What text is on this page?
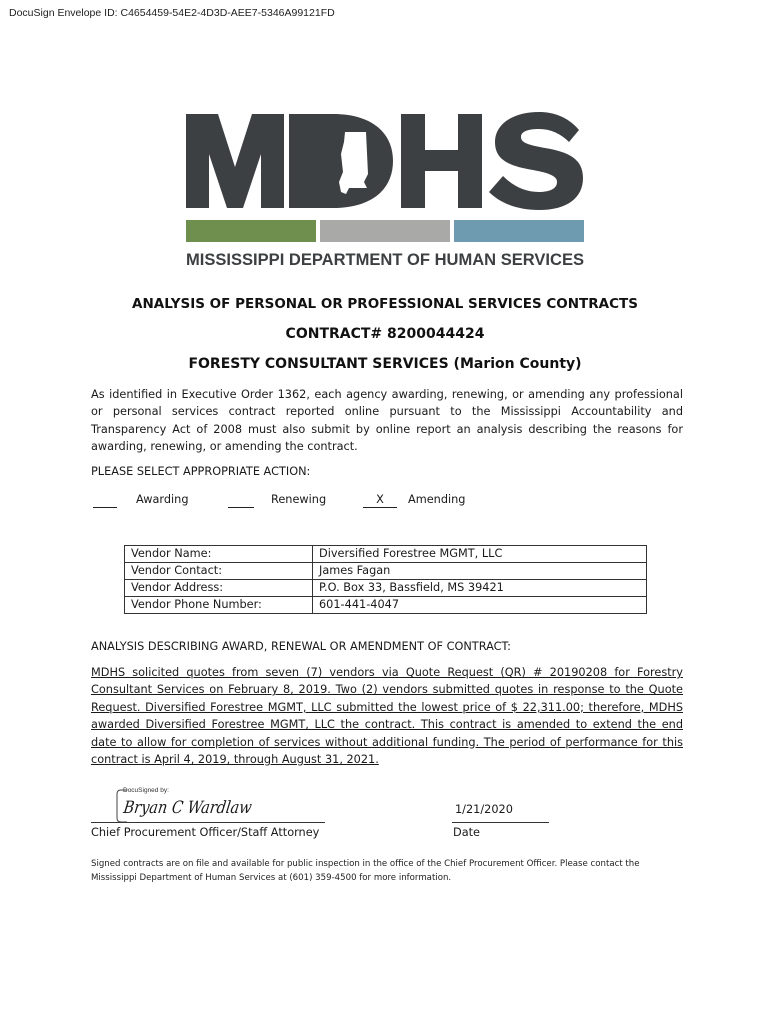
DocuSign Envelope ID: C4654459-54E2-4D3D-AEE7-5346A99121FD
MISSISSIPPI DEPARTMENT OF HUMAN SERVICES
ANALYSIS OF PERSONAL OR PROFESSIONAL SERVICES CONTRACTS
CONTRACT# 8200044424
FORESTY CONSULTANT SERVICES (Marion County)
As identified in Executive Order 1362, each agency awarding, renewing, or amending any professional or personal services contract reported online pursuant to the Mississippi Accountability and Transparency Act of 2008 must also submit by online report an analysis describing the reasons for awarding, renewing, or amending the contract.
PLEASE SELECT APPROPRIATE ACTION:
Awarding	Renewing	X	Amending
Vendor Name:	Diversified Forestree MGMT, LLC
Vendor Contact:	James Fagan
Vendor Address:	P.O. Box 33, Bassfield, MS 39421
Vendor Phone Number:	601-441-4047
ANALYSIS DESCRIBING AWARD, RENEWAL OR AMENDMENT OF CONTRACT:
MDHS solicited quotes from seven (7) vendors via Quote Request (QR) # 20190208 for Forestry Consultant Services on February 8, 2019. Two (2) vendors submitted quotes in response to the Quote Request. Diversified Forestree MGMT, LLC submitted the lowest price of $ 22,311.00; therefore, MDHS awarded Diversified Forestree MGMT, LLC the contract. This contract is amended to extend the end date to allow for completion of services without additional funding. The period of performance for this contract is April 4, 2019, through August 31, 2021.
DocuSigned by:
Bryan C Wardlaw
Chief Procurement Officer/Staff Attorney
1/21/2020
Date
Signed contracts are on file and available for public inspection in the office of the Chief Procurement Officer. Please contact the Mississippi Department of Human Services at (601) 359-4500 for more information.
